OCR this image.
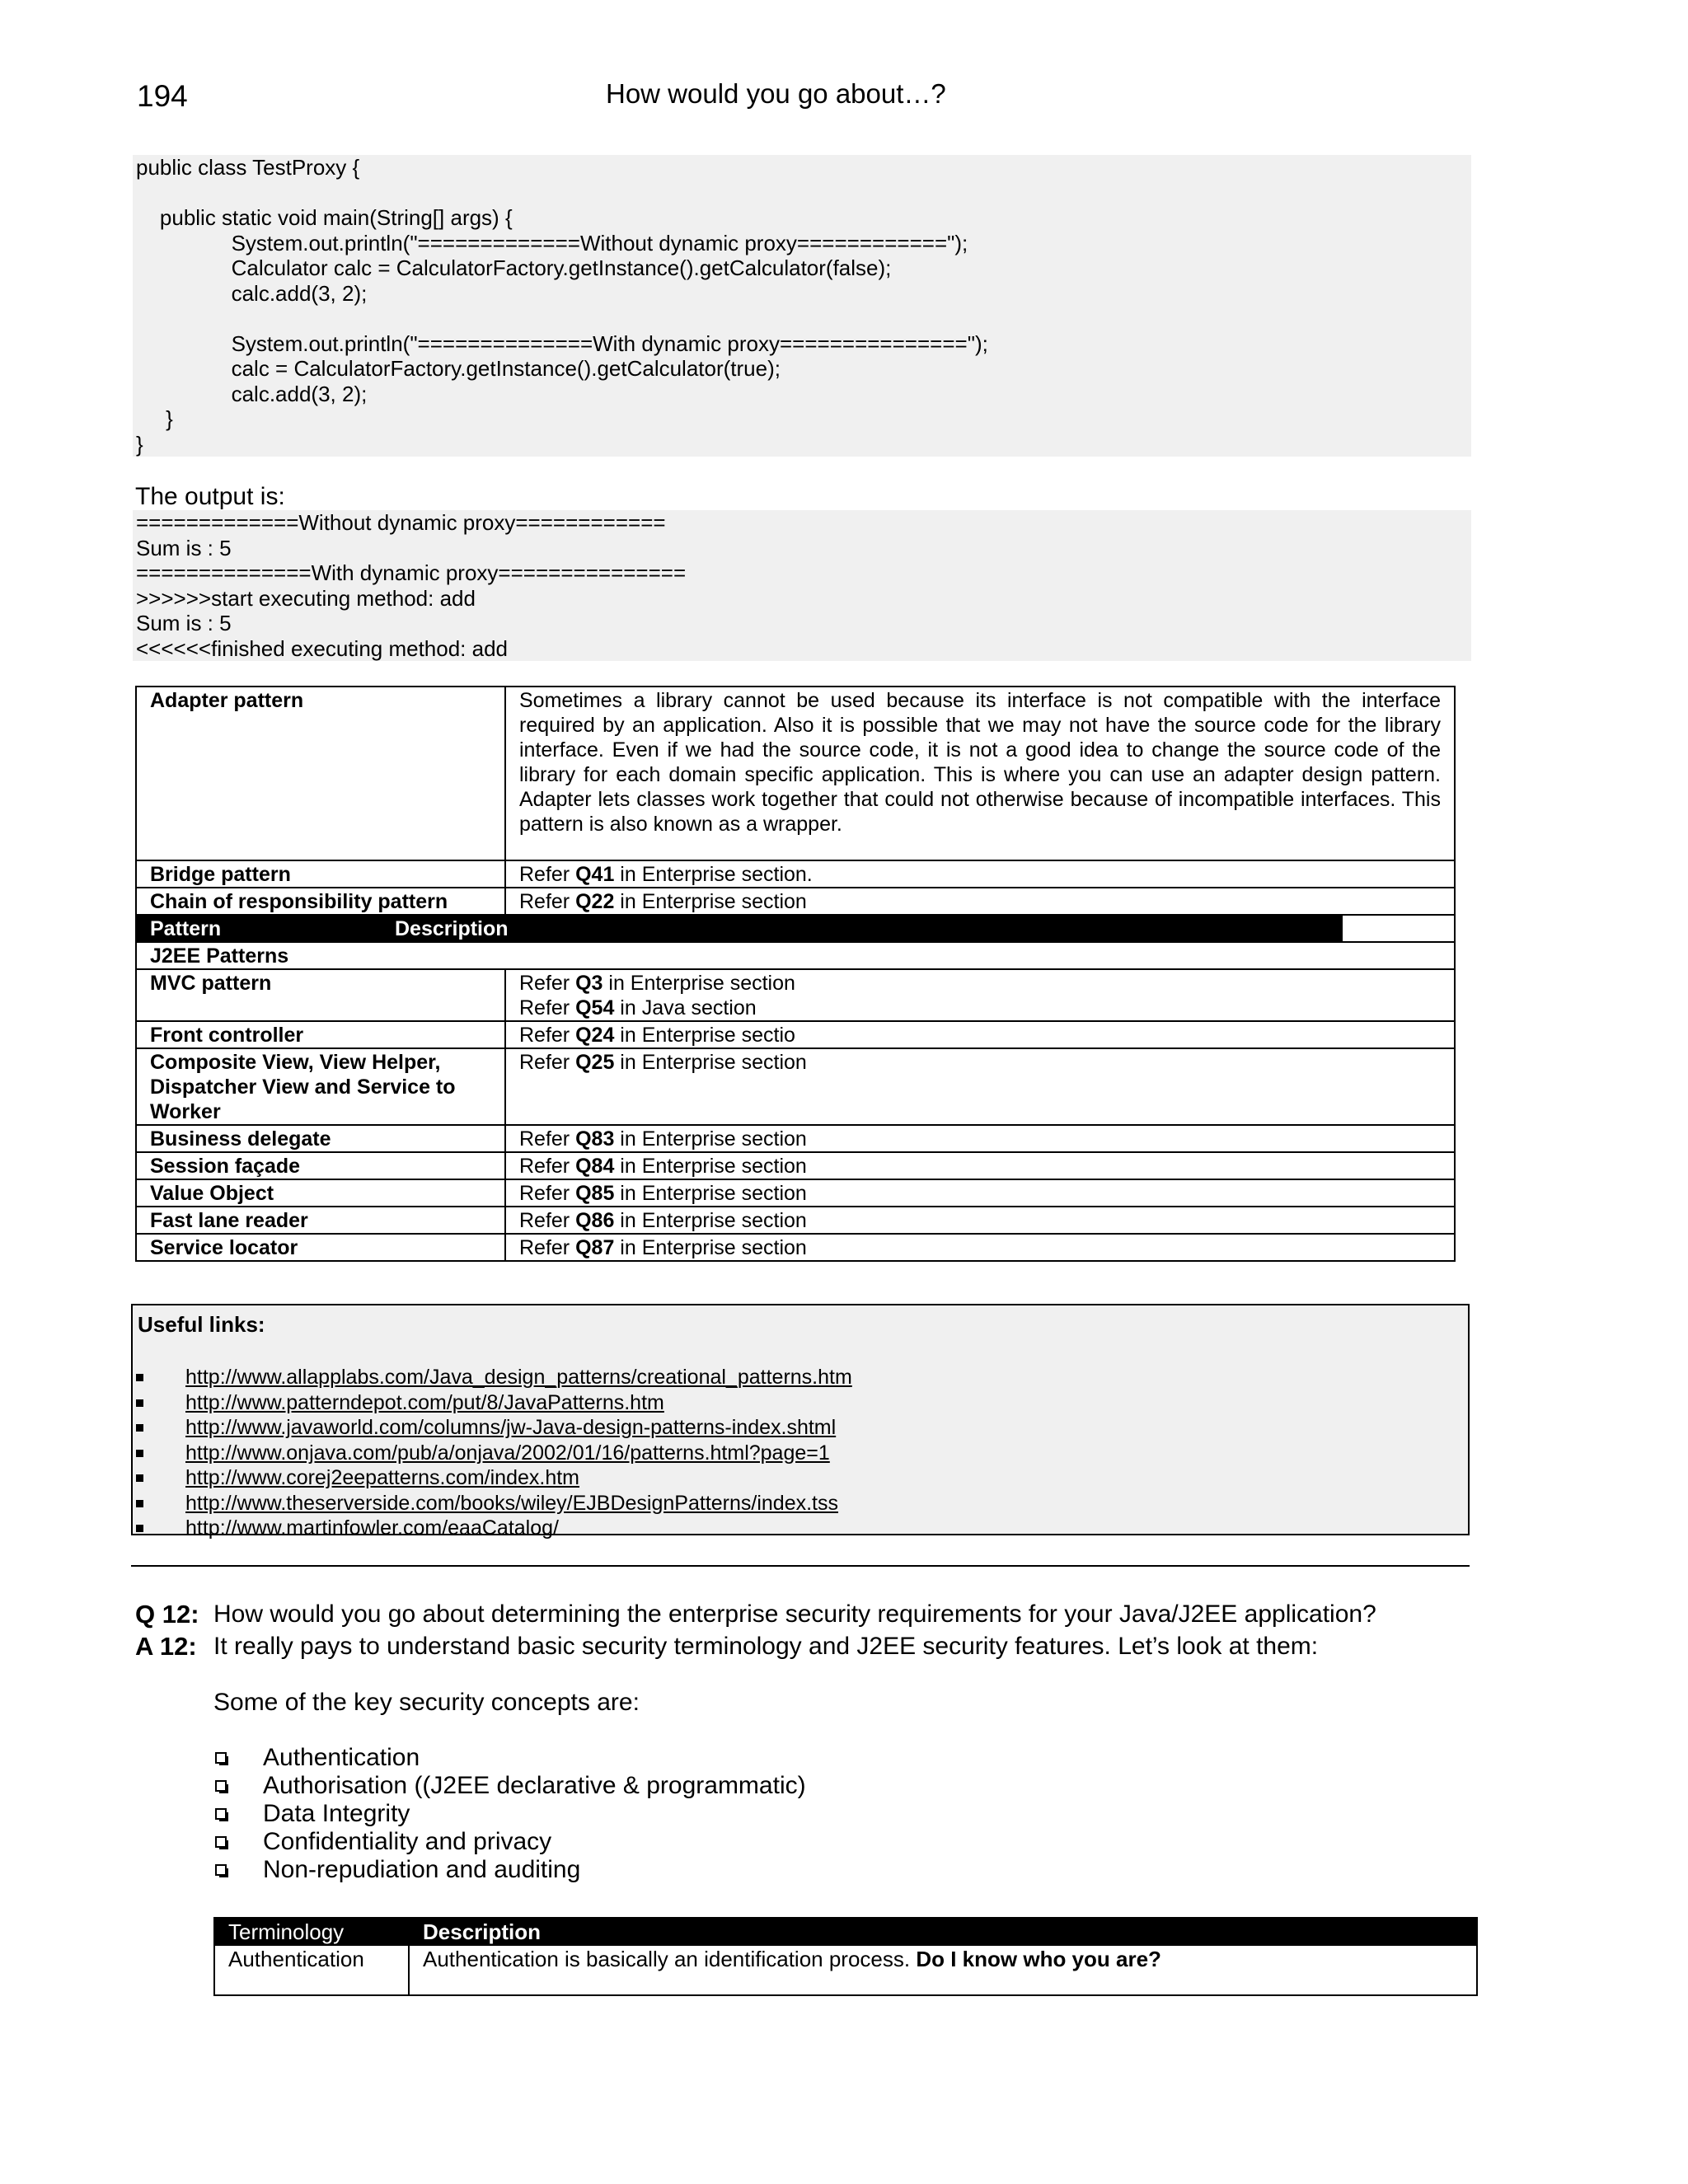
194	How would you go about…?
public class TestProxy {

public static void main(String[] args) {
System.out.println("=============Without dynamic proxy============");
Calculator calc = CalculatorFactory.getInstance().getCalculator(false);
calc.add(3, 2);

System.out.println("==============With dynamic proxy===============");
calc = CalculatorFactory.getInstance().getCalculator(true);
calc.add(3, 2);
}
}
The output is:
=============Without dynamic proxy============
Sum is : 5
==============With dynamic proxy===============
>>>>>>start executing method: add
Sum is : 5
<<<<<<finished executing method: add
Adapter pattern	Sometimes a library cannot be used because its interface is not compatible with the interface required by an application. Also it is possible that we may not have the source code for the library interface. Even if we had the source code, it is not a good idea to change the source code of the library for each domain specific application. This is where you can use an adapter design pattern. Adapter lets classes work together that could not otherwise because of incompatible interfaces. This pattern is also known as a wrapper.
Bridge pattern	Refer Q41 in Enterprise section.
Chain of responsibility pattern	Refer Q22 in Enterprise section
Pattern	Description
J2EE Patterns
MVC pattern	Refer Q3 in Enterprise section
Refer Q54 in Java section

Front controller	Refer Q24 in Enterprise sectio
Composite View, View Helper, Dispatcher View and Service to Worker	Refer Q25 in Enterprise section
Business delegate	Refer Q83 in Enterprise section
Session façade	Refer Q84 in Enterprise section
Value Object	Refer Q85 in Enterprise section
Fast lane reader	Refer Q86 in Enterprise section
Service locator	Refer Q87 in Enterprise section
Useful links:
http://www.allapplabs.com/Java_design_patterns/creational_patterns.htm
http://www.patterndepot.com/put/8/JavaPatterns.htm
http://www.javaworld.com/columns/jw-Java-design-patterns-index.shtml
http://www.onjava.com/pub/a/onjava/2002/01/16/patterns.html?page=1
http://www.corej2eepatterns.com/index.htm
http://www.theserverside.com/books/wiley/EJBDesignPatterns/index.tss
http://www.martinfowler.com/eaaCatalog/
Q 12: How would you go about determining the enterprise security requirements for your Java/J2EE application?
A 12: It really pays to understand basic security terminology and J2EE security features. Let’s look at them:
Some of the key security concepts are:
Authentication
Authorisation ((J2EE declarative & programmatic)
Data Integrity
Confidentiality and privacy
Non-repudiation and auditing
Terminology	Description
Authentication	Authentication is basically an identification process. Do I know who you are?
